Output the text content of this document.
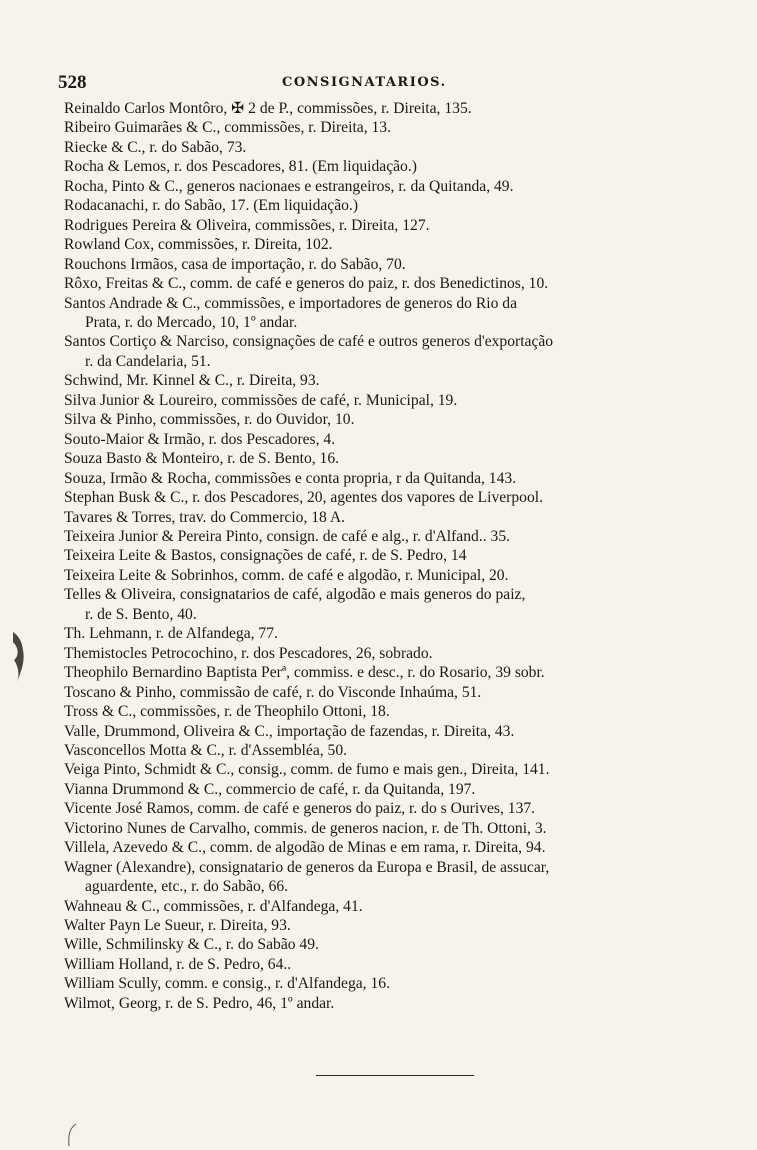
528	CONSIGNATARIOS.
Reinaldo Carlos Montôro, ✠ 2 de P., commissões, r. Direita, 135.
Ribeiro Guimarães & C., commissões, r. Direita, 13.
Riecke & C., r. do Sabão, 73.
Rocha & Lemos, r. dos Pescadores, 81. (Em liquidação.)
Rocha, Pinto & C., generos nacionaes e estrangeiros, r. da Quitanda, 49.
Rodacanachi, r. do Sabão, 17. (Em liquidação.)
Rodrigues Pereira & Oliveira, commissões, r. Direita, 127.
Rowland Cox, commissões, r. Direita, 102.
Rouchons Irmãos, casa de importação, r. do Sabão, 70.
Rôxo, Freitas & C., comm. de café e generos do paiz, r. dos Benedictinos, 10.
Santos Andrade & C., commissões, e importadores de generos do Rio da
Prata, r. do Mercado, 10, 1º andar.
Santos Cortiço & Narciso, consignações de café e outros generos d'exportação
r. da Candelaria, 51.
Schwind, Mr. Kinnel & C., r. Direita, 93.
Silva Junior & Loureiro, commissões de café, r. Municipal, 19.
Silva & Pinho, commissões, r. do Ouvidor, 10.
Souto-Maior & Irmão, r. dos Pescadores, 4.
Souza Basto & Monteiro, r. de S. Bento, 16.
Souza, Irmão & Rocha, commissões e conta propria, r da Quitanda, 143.
Stephan Busk & C., r. dos Pescadores, 20, agentes dos vapores de Liverpool.
Tavares & Torres, trav. do Commercio, 18 A.
Teixeira Junior & Pereira Pinto, consign. de café e alg., r. d'Alfand.. 35.
Teixeira Leite & Bastos, consignações de café, r. de S. Pedro, 14
Teixeira Leite & Sobrinhos, comm. de café e algodão, r. Municipal, 20.
Telles & Oliveira, consignatarios de café, algodão e mais generos do paiz,
r. de S. Bento, 40.
Th. Lehmann, r. de Alfandega, 77.
Themistocles Petrocochino, r. dos Pescadores, 26, sobrado.
Theophilo Bernardino Baptista Perª, commiss. e desc., r. do Rosario, 39 sobr.
Toscano & Pinho, commissão de café, r. do Visconde Inhaúma, 51.
Tross & C., commissões, r. de Theophilo Ottoni, 18.
Valle, Drummond, Oliveira & C., importação de fazendas, r. Direita, 43.
Vasconcellos Motta & C., r. d'Assembléa, 50.
Veiga Pinto, Schmidt & C., consig., comm. de fumo e mais gen., Direita, 141.
Vianna Drummond & C., commercio de café, r. da Quitanda, 197.
Vicente José Ramos, comm. de café e generos do paiz, r. do s Ourives, 137.
Victorino Nunes de Carvalho, commis. de generos nacion, r. de Th. Ottoni, 3.
Villela, Azevedo & C., comm. de algodão de Minas e em rama, r. Direita, 94.
Wagner (Alexandre), consignatario de generos da Europa e Brasil, de assucar,
aguardente, etc., r. do Sabão, 66.
Wahneau & C., commissões, r. d'Alfandega, 41.
Walter Payn Le Sueur, r. Direita, 93.
Wille, Schmilinsky & C., r. do Sabão 49.
William Holland, r. de S. Pedro, 64..
William Scully, comm. e consig., r. d'Alfandega, 16.
Wilmot, Georg, r. de S. Pedro, 46, 1º andar.
